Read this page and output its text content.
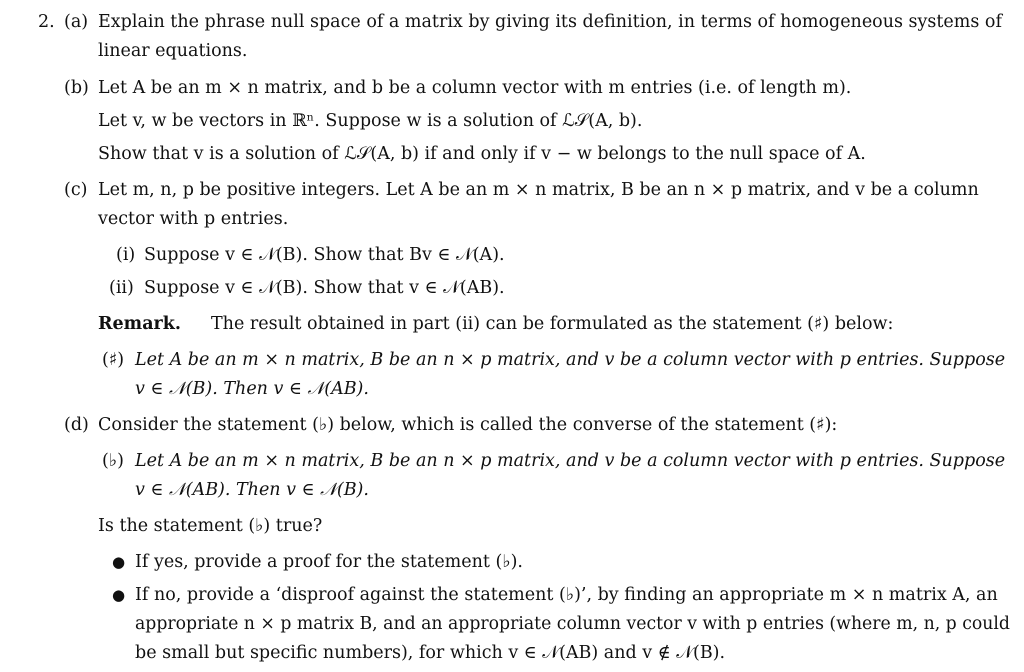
2. (a) Explain the phrase null space of a matrix by giving its definition, in terms of homogeneous systems of
linear equations.
(b) Let A be an m × n matrix, and b be a column vector with m entries (i.e. of length m).
Let v, w be vectors in ℝⁿ. Suppose w is a solution of ℒ𝒮(A, b).
Show that v is a solution of ℒ𝒮(A, b) if and only if v − w belongs to the null space of A.
(c) Let m, n, p be positive integers. Let A be an m × n matrix, B be an n × p matrix, and v be a column
vector with p entries.
(i) Suppose v ∈ 𝒩(B). Show that Bv ∈ 𝒩(A).
(ii) Suppose v ∈ 𝒩(B). Show that v ∈ 𝒩(AB).
Remark. The result obtained in part (ii) can be formulated as the statement (♯) below:
(♯) Let A be an m × n matrix, B be an n × p matrix, and v be a column vector with p entries. Suppose
v ∈ 𝒩(B). Then v ∈ 𝒩(AB).
(d) Consider the statement (♭) below, which is called the converse of the statement (♯):
(♭) Let A be an m × n matrix, B be an n × p matrix, and v be a column vector with p entries. Suppose
v ∈ 𝒩(AB). Then v ∈ 𝒩(B).
Is the statement (♭) true?
● If yes, provide a proof for the statement (♭).
● If no, provide a ‘disproof against the statement (♭)’, by finding an appropriate m × n matrix A, an
appropriate n × p matrix B, and an appropriate column vector v with p entries (where m, n, p could
be small but specific numbers), for which v ∈ 𝒩(AB) and v ∉ 𝒩(B).
